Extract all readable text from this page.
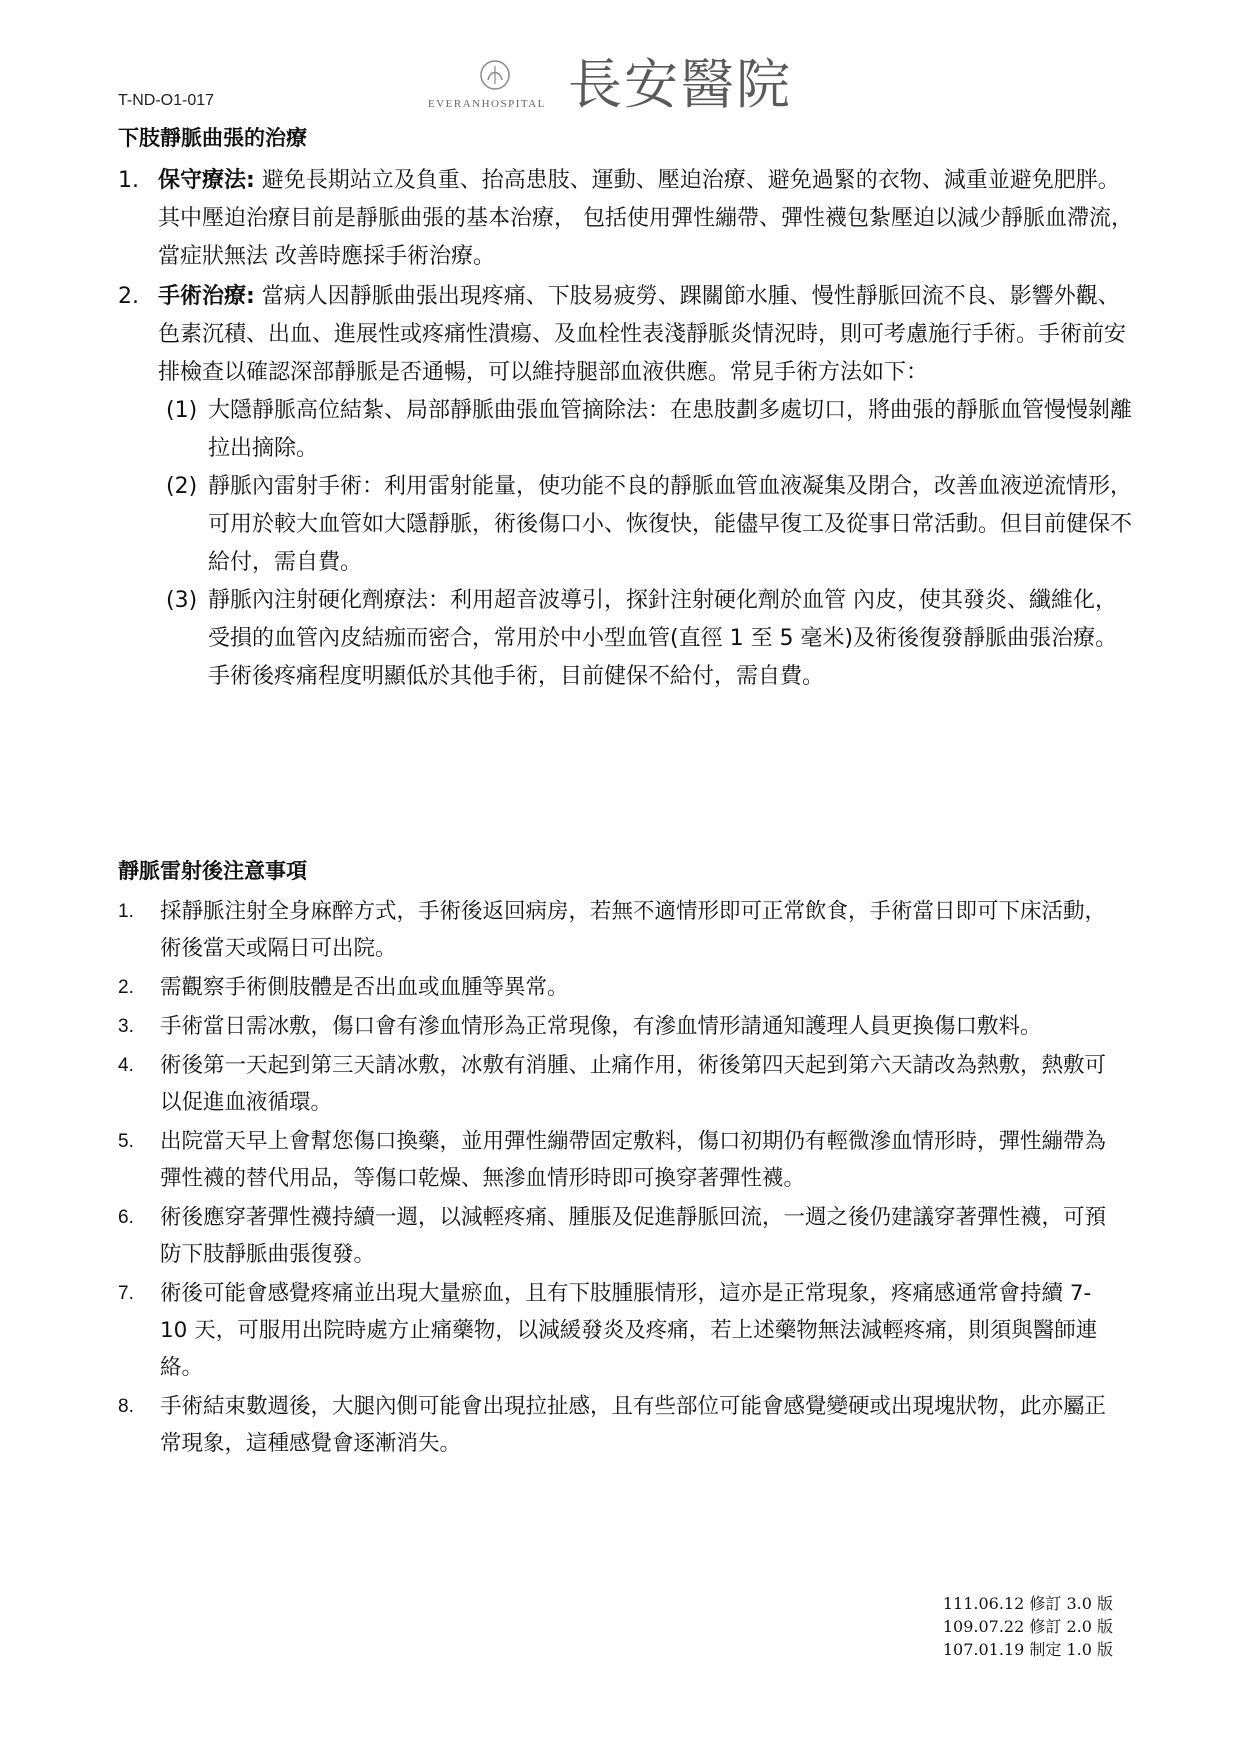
T-ND-O1-017	EVERANHOSPITAL 長安醫院
下肢靜脈曲張的治療
1. 保守療法: 避免長期站立及負重、抬高患肢、運動、壓迫治療、避免過緊的衣物、減重並避免肥胖。其中壓迫治療目前是靜脈曲張的基本治療， 包括使用彈性繃帶、彈性襪包紮壓迫以減少靜脈血滯流，當症狀無法 改善時應採手術治療。
2. 手術治療: 當病人因靜脈曲張出現疼痛、下肢易疲勞、踝關節水腫、慢性靜脈回流不良、影響外觀、色素沉積、出血、進展性或疼痛性潰瘍、及血栓性表淺靜脈炎情況時，則可考慮施行手術。手術前安排檢查以確認深部靜脈是否通暢，可以維持腿部血液供應。常見手術方法如下：
(1) 大隱靜脈高位結紮、局部靜脈曲張血管摘除法：在患肢劃多處切口，將曲張的靜脈血管慢慢剝離拉出摘除。
(2) 靜脈內雷射手術：利用雷射能量，使功能不良的靜脈血管血液凝集及閉合，改善血液逆流情形，可用於較大血管如大隱靜脈，術後傷口小、恢復快，能儘早復工及從事日常活動。但目前健保不給付，需自費。
(3) 靜脈內注射硬化劑療法：利用超音波導引，探針注射硬化劑於血管 內皮，使其發炎、纖維化，受損的血管內皮結痂而密合，常用於中小型血管(直徑 1 至 5 毫米)及術後復發靜脈曲張治療。手術後疼痛程度明顯低於其他手術，目前健保不給付，需自費。
靜脈雷射後注意事項
1. 採靜脈注射全身麻醉方式，手術後返回病房，若無不適情形即可正常飲食，手術當日即可下床活動，術後當天或隔日可出院。
2. 需觀察手術側肢體是否出血或血腫等異常。
3. 手術當日需冰敷，傷口會有滲血情形為正常現像，有滲血情形請通知護理人員更換傷口敷料。
4. 術後第一天起到第三天請冰敷，冰敷有消腫、止痛作用，術後第四天起到第六天請改為熱敷，熱敷可以促進血液循環。
5. 出院當天早上會幫您傷口換藥，並用彈性繃帶固定敷料，傷口初期仍有輕微滲血情形時，彈性繃帶為彈性襪的替代用品，等傷口乾燥、無滲血情形時即可換穿著彈性襪。
6. 術後應穿著彈性襪持續一週，以減輕疼痛、腫脹及促進靜脈回流，一週之後仍建議穿著彈性襪，可預防下肢靜脈曲張復發。
7. 術後可能會感覺疼痛並出現大量瘀血，且有下肢腫脹情形，這亦是正常現象，疼痛感通常會持續 7-10 天，可服用出院時處方止痛藥物，以減緩發炎及疼痛，若上述藥物無法減輕疼痛，則須與醫師連絡。
8. 手術結束數週後，大腿內側可能會出現拉扯感，且有些部位可能會感覺變硬或出現塊狀物，此亦屬正常現象，這種感覺會逐漸消失。
111.06.12 修訂 3.0 版
109.07.22 修訂 2.0 版
107.01.19 制定 1.0 版
